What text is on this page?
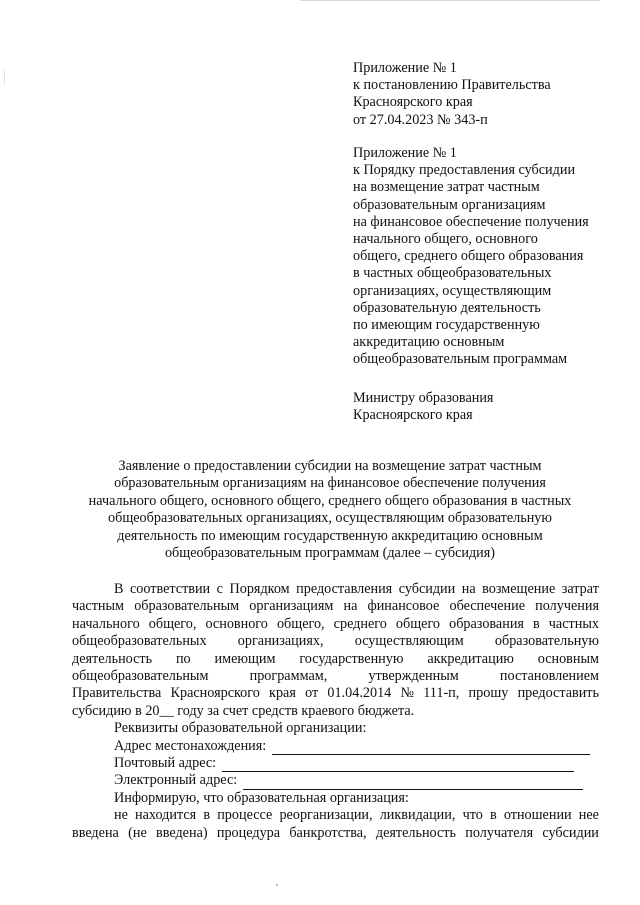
Приложение № 1
к постановлению Правительства
Красноярского края
от 27.04.2023 № 343-п
Приложение № 1
к Порядку предоставления субсидии
на возмещение затрат частным
образовательным организациям
на финансовое обеспечение получения
начального общего, основного
общего, среднего общего образования
в частных общеобразовательных
организациях, осуществляющим
образовательную деятельность
по имеющим государственную
аккредитацию основным
общеобразовательным программам
Министру образования
Красноярского края
Заявление о предоставлении субсидии на возмещение затрат частным
образовательным организациям на финансовое обеспечение получения
начального общего, основного общего, среднего общего образования в частных
общеобразовательных организациях, осуществляющим образовательную
деятельность по имеющим государственную аккредитацию основным
общеобразовательным программам (далее – субсидия)
В соответствии с Порядком предоставления субсидии на возмещение затрат
частным образовательным организациям на финансовое обеспечение получения
начального общего, основного общего, среднего общего образования в частных
общеобразовательных организациях, осуществляющим образовательную
деятельность по имеющим государственную аккредитацию основным
общеобразовательным	программам,	утвержденным	постановлением
Правительства Красноярского края от 01.04.2014 № 111-п, прошу предоставить
субсидию в 20__ году за счет средств краевого бюджета.
Реквизиты образовательной организации:
Адрес местонахождения:
Почтовый адрес:
Электронный адрес:
Информирую, что образовательная организация:
не находится в процессе реорганизации, ликвидации, что в отношении нее
введена (не введена) процедура банкротства, деятельность получателя субсидии
